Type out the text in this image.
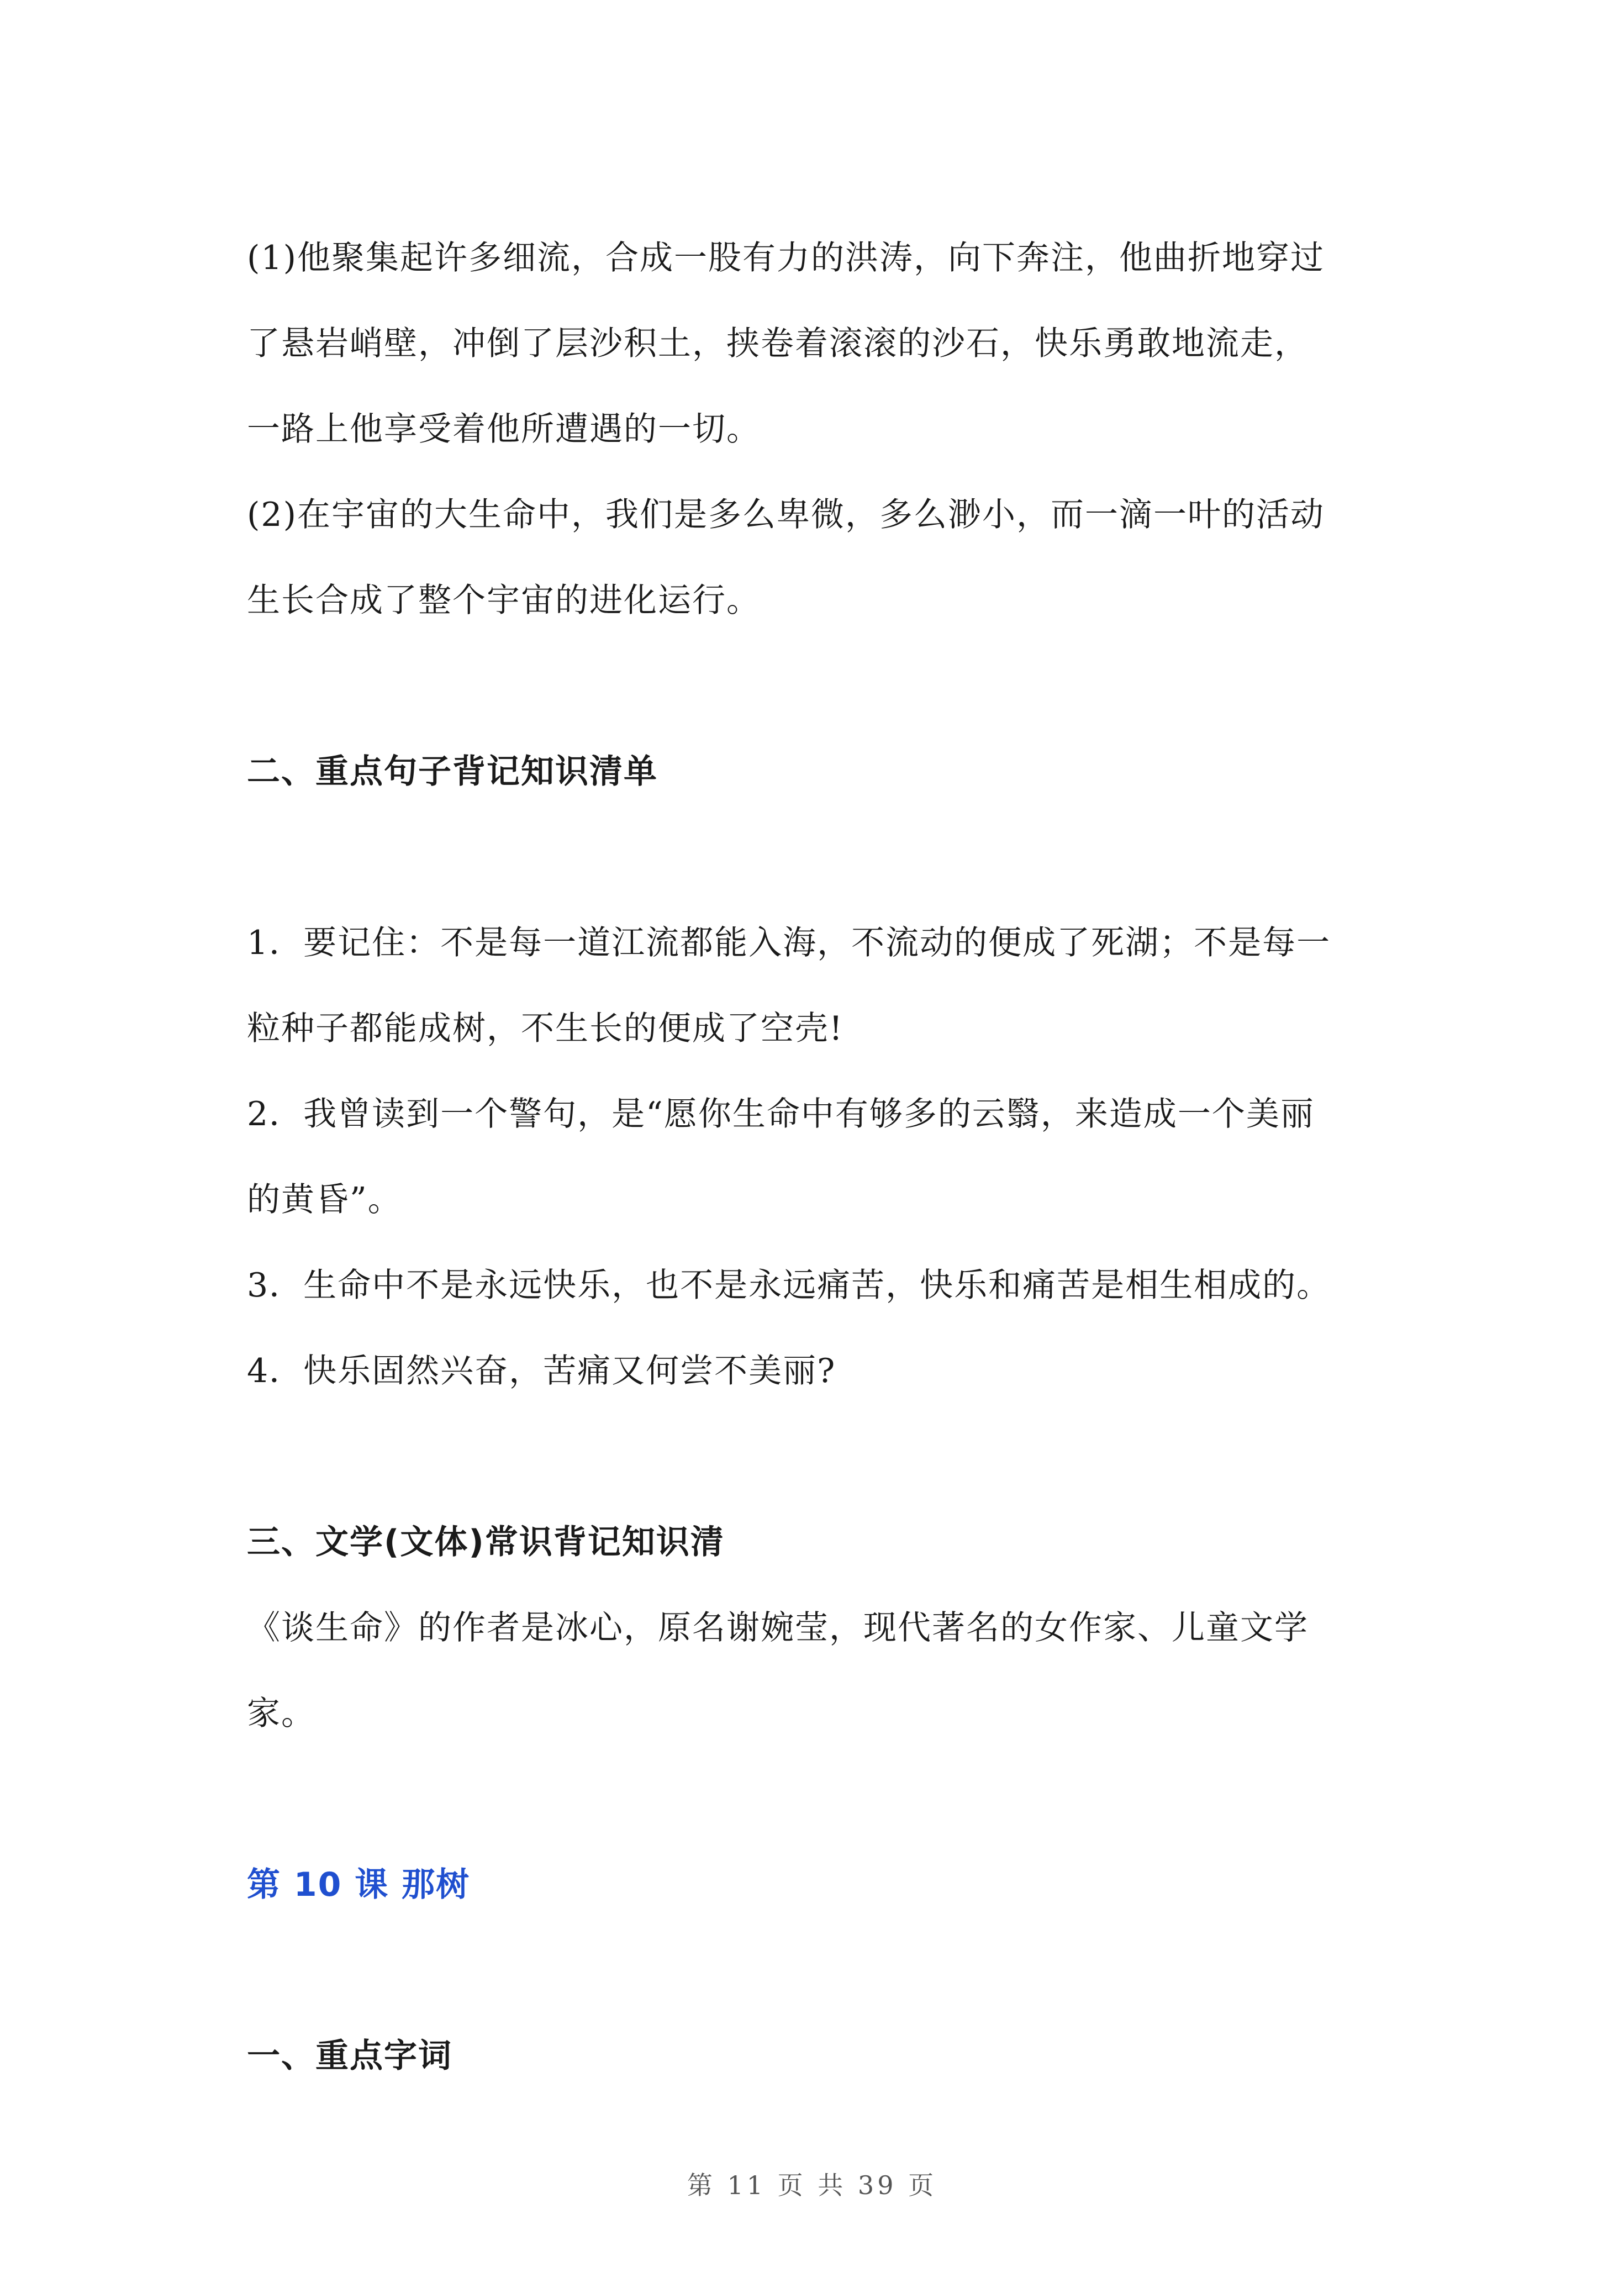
(1)他聚集起许多细流，合成一股有力的洪涛，向下奔注，他曲折地穿过
了悬岩峭壁，冲倒了层沙积土，挟卷着滚滚的沙石，快乐勇敢地流走，
一路上他享受着他所遭遇的一切。
(2)在宇宙的大生命中，我们是多么卑微，多么渺小，而一滴一叶的活动
生长合成了整个宇宙的进化运行。
二、重点句子背记知识清单
1．要记住：不是每一道江流都能入海，不流动的便成了死湖；不是每一
粒种子都能成树，不生长的便成了空壳!
2．我曾读到一个警句，是“愿你生命中有够多的云翳，来造成一个美丽
的黄昏”。
3．生命中不是永远快乐，也不是永远痛苦，快乐和痛苦是相生相成的。
4．快乐固然兴奋，苦痛又何尝不美丽?
三、文学(文体)常识背记知识清
《谈生命》的作者是冰心，原名谢婉莹，现代著名的女作家、儿童文学
家。
第 10 课 那树
一、重点字词
第 11 页 共 39 页
